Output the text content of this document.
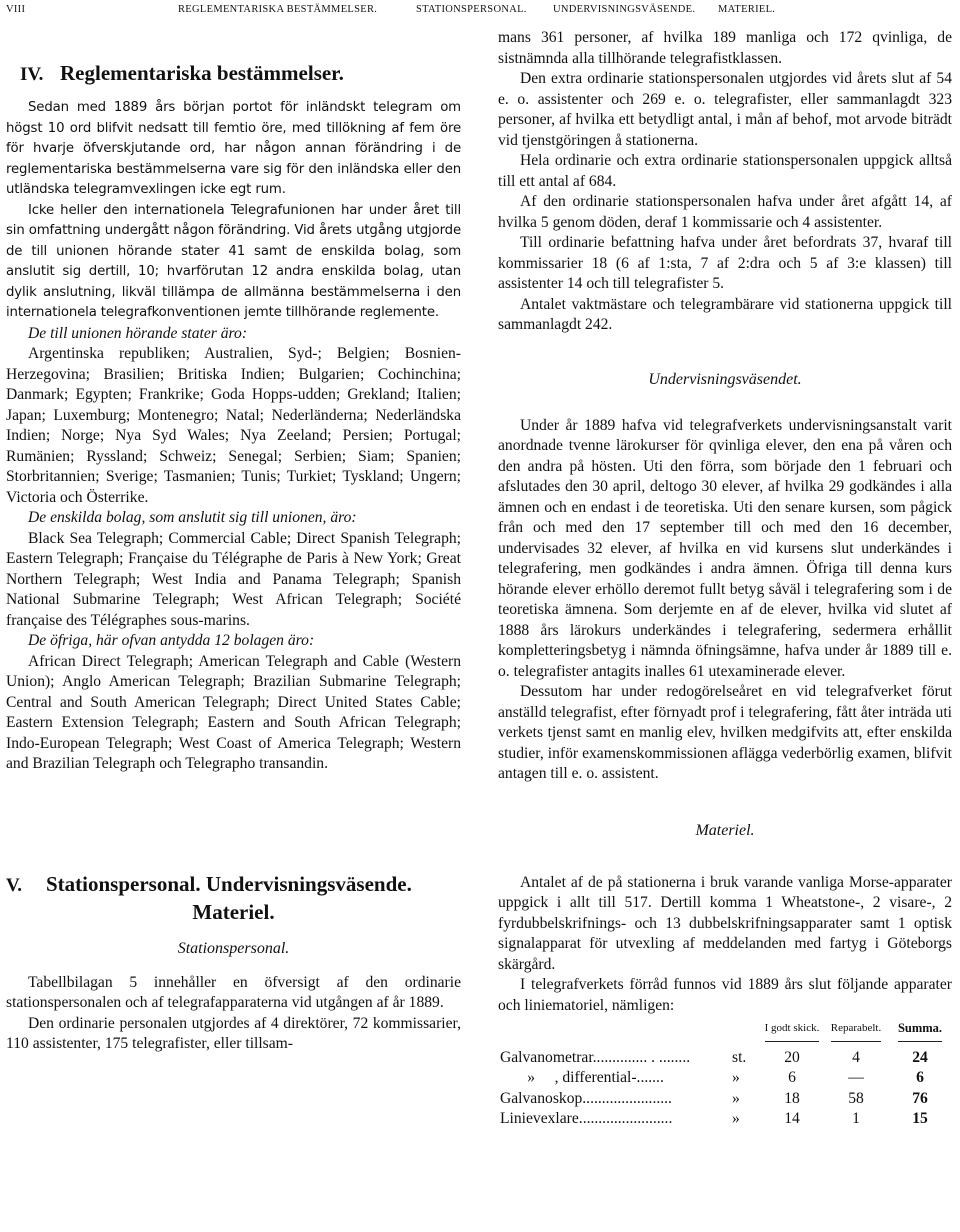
VIII	REGLEMENTARISKA BESTÄMMELSER.	STATIONSPERSONAL.	UNDERVISNINGSVÄSENDE. MATERIEL.
IV. Reglementariska bestämmelser.

Sedan med 1889 års början portot för inländskt telegram om högst 10 ord blifvit nedsatt till femtio öre, med tillökning af fem öre för hvarje öfverskjutande ord, har någon annan förändring i de reglementariska bestämmelserna vare sig för den inländska eller den utländska telegramvexlingen icke egt rum.

Icke heller den internationela Telegrafunionen har under året till sin omfattning undergått någon förändring. Vid årets utgång utgjorde de till unionen hörande stater 41 samt de enskilda bolag, som anslutit sig dertill, 10; hvarförutan 12 andra enskilda bolag, utan dylik anslutning, likväl tillämpa de allmänna bestämmelserna i den internationela telegrafkonventionen jemte tillhörande reglemente.

De till unionen hörande stater äro:

Argentinska republiken; Australien, Syd-; Belgien; Bosnien-Herzegovina; Brasilien; Britiska Indien; Bulgarien; Cochinchina; Danmark; Egypten; Frankrike; Goda Hopps-udden; Grekland; Italien; Japan; Luxemburg; Montenegro; Natal; Nederländerna; Nederländska Indien; Norge; Nya Syd Wales; Nya Zeeland; Persien; Portugal; Rumänien; Ryssland; Schweiz; Senegal; Serbien; Siam; Spanien; Storbritannien; Sverige; Tasmanien; Tunis; Turkiet; Tyskland; Ungern; Victoria och Österrike.

De enskilda bolag, som anslutit sig till unionen, äro:

Black Sea Telegraph; Commercial Cable; Direct Spanish Telegraph; Eastern Telegraph; Française du Télégraphe de Paris à New York; Great Northern Telegraph; West India and Panama Telegraph; Spanish National Submarine Telegraph; West African Telegraph; Société française des Télégraphes sous-marins.

De öfriga, här ofvan antydda 12 bolagen äro:

African Direct Telegraph; American Telegraph and Cable (Western Union); Anglo American Telegraph; Brazilian Submarine Telegraph; Central and South American Telegraph; Direct United States Cable; Eastern Extension Telegraph; Eastern and South African Telegraph; Indo-European Telegraph; West Coast of America Telegraph; Western and Brazilian Telegraph och Telegrapho transandin.

V. Stationspersonal. Undervisningsväsende.
Materiel.
Stationspersonal.

Tabellbilagan 5 innehåller en öfversigt af den ordinarie stationspersonalen och af telegrafapparaterna vid utgången af år 1889.

Den ordinarie personalen utgjordes af 4 direktörer, 72 kommissarier, 110 assistenter, 175 telegrafister, eller tillsam-

mans 361 personer, af hvilka 189 manliga och 172 qvinliga, de sistnämnda alla tillhörande telegrafistklassen.

Den extra ordinarie stationspersonalen utgjordes vid årets slut af 54 e. o. assistenter och 269 e. o. telegrafister, eller sammanlagdt 323 personer, af hvilka ett betydligt antal, i mån af behof, mot arvode biträdt vid tjenstgöringen å stationerna.

Hela ordinarie och extra ordinarie stationspersonalen uppgick alltså till ett antal af 684.

Af den ordinarie stationspersonalen hafva under året afgått 14, af hvilka 5 genom döden, deraf 1 kommissarie och 4 assistenter.

Till ordinarie befattning hafva under året befordrats 37, hvaraf till kommissarier 18 (6 af 1:sta, 7 af 2:dra och 5 af 3:e klassen) till assistenter 14 och till telegrafister 5.

Antalet vaktmästare och telegrambärare vid stationerna uppgick till sammanlagdt 242.

Undervisningsväsendet.

Under år 1889 hafva vid telegrafverkets undervisningsanstalt varit anordnade tvenne lärokurser för qvinliga elever, den ena på våren och den andra på hösten. Uti den förra, som började den 1 februari och afslutades den 30 april, deltogo 30 elever, af hvilka 29 godkändes i alla ämnen och en endast i de teoretiska. Uti den senare kursen, som pågick från och med den 17 september till och med den 16 december, undervisades 32 elever, af hvilka en vid kursens slut underkändes i telegrafering, men godkändes i andra ämnen. Öfriga till denna kurs hörande elever erhöllo deremot fullt betyg såväl i telegrafering som i de teoretiska ämnena. Som derjemte en af de elever, hvilka vid slutet af 1888 års lärokurs underkändes i telegrafering, sedermera erhållit kompletteringsbetyg i nämnda öfningsämne, hafva under år 1889 till e. o. telegrafister antagits inalles 61 utexaminerade elever.

Dessutom har under redogörelseåret en vid telegrafverket förut anställd telegrafist, efter förnyadt prof i telegrafering, fått åter inträda uti verkets tjenst samt en manlig elev, hvilken medgifvits att, efter enskilda studier, inför examenskommissionen aflägga vederbörlig examen, blifvit antagen till e. o. assistent.

Materiel.

Antalet af de på stationerna i bruk varande vanliga Morse-apparater uppgick i allt till 517. Dertill komma 1 Wheatstone-, 2 visare-, 2 fyrdubbelskrifnings- och 13 dubbelskrifningsapparater samt 1 optisk signalapparat för utvexling af meddelanden med fartyg i Göteborgs skärgård.

I telegrafverkets förråd funnos vid 1889 års slut följande apparater och liniematoriel, nämligen:

		I godt skick.	Reparabelt.	Summa.
Galvanometrar.............. . ........	st.	20	4	24
»     , differential-.......	»	6	—	6
Galvanoskop.......................	»	18	58	76
Linievexlare........................	»	14	1	15
